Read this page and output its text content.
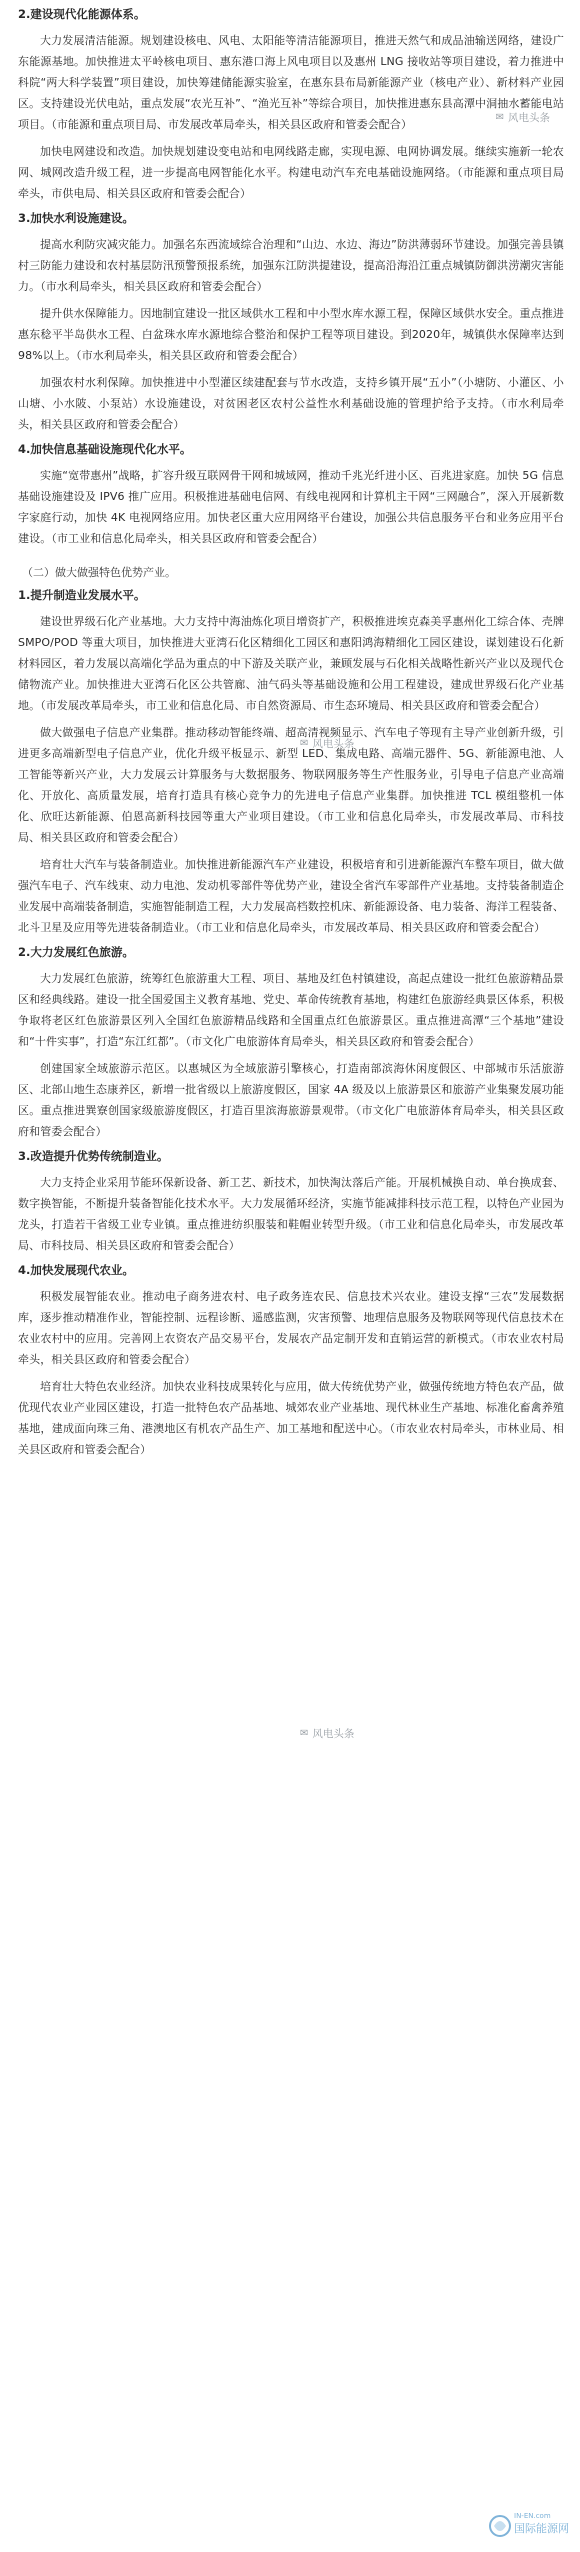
2.建设现代化能源体系。

大力发展清洁能源。规划建设核电、风电、太阳能等清洁能源项目，推进天然气和成品油输送网络，建设广东能源基地。加快推进太平岭核电项目、惠东港口海上风电项目以及惠州 LNG 接收站等项目建设，着力推进中科院“两大科学装置”项目建设，加快筹建储能源实验室，在惠东县布局新能源产业（核电产业）、新材料产业园区。支持建设光伏电站，重点发展“农光互补”、“渔光互补”等综合项目，加快推进惠东县高潭中洞抽水蓄能电站项目。（市能源和重点项目局、市发展改革局牵头，相关县区政府和管委会配合）

加快电网建设和改造。加快规划建设变电站和电网线路走廊，实现电源、电网协调发展。继续实施新一轮农网、城网改造升级工程，进一步提高电网智能化水平。构建电动汽车充电基础设施网络。（市能源和重点项目局牵头，市供电局、相关县区政府和管委会配合）

3.加快水利设施建设。

提高水利防灾减灾能力。加强名东西流域综合治理和“山边、水边、海边”防洪薄弱环节建设。加强完善县镇村三防能力建设和农村基层防汛预警预报系统，加强东江防洪提建设，提高沿海沿江重点城镇防御洪涝潮灾害能力。（市水利局牵头，相关县区政府和管委会配合）

提升供水保障能力。因地制宜建设一批区域供水工程和中小型水库水源工程，保障区域供水安全。重点推进惠东稔平半岛供水工程、白盆珠水库水源地综合整治和保护工程等项目建设。到2020年，城镇供水保障率达到 98%以上。（市水利局牵头，相关县区政府和管委会配合）

加强农村水利保障。加快推进中小型灌区续建配套与节水改造，支持乡镇开展“五小”（小塘防、小灌区、小山塘、小水陂、小泵站）水设施建设，对贫困老区农村公益性水利基础设施的管理护给予支持。（市水利局牵头，相关县区政府和管委会配合）

4.加快信息基础设施现代化水平。

实施“宽带惠州”战略，扩容升级互联网骨干网和城域网，推动千兆光纤进小区、百兆进家庭。加快 5G 信息基础设施建设及 IPV6 推广应用。积极推进基础电信网、有线电视网和计算机主干网“三网融合”，深入开展新数字家庭行动，加快 4K 电视网络应用。加快老区重大应用网络平台建设，加强公共信息服务平台和业务应用平台建设。（市工业和信息化局牵头，相关县区政府和管委会配合）

（二）做大做强特色优势产业。
1.提升制造业发展水平。

建设世界级石化产业基地。大力支持中海油炼化项目增资扩产，积极推进埃克森美孚惠州化工综合体、壳牌 SMPO/POD 等重大项目，加快推进大亚湾石化区精细化工园区和惠阳鸿海精细化工园区建设，谋划建设石化新材料园区，着力发展以高端化学品为重点的中下游及关联产业，兼顾发展与石化相关战略性新兴产业以及现代仓储物流产业。加快推进大亚湾石化区公共管廊、油气码头等基础设施和公用工程建设，建成世界级石化产业基地。（市发展改革局牵头，市工业和信息化局、市自然资源局、市生态环境局、相关县区政府和管委会配合）

做大做强电子信息产业集群。推动移动智能终端、超高清视频显示、汽车电子等现有主导产业创新升级，引进更多高端新型电子信息产业，优化升级平板显示、新型 LED、集成电路、高端元器件、5G、新能源电池、人工智能等新兴产业，大力发展云计算服务与大数据服务、物联网服务等生产性服务业，引导电子信息产业高端化、开放化、高质量发展，培育打造具有核心竞争力的先进电子信息产业集群。加快推进 TCL 模组整机一体化、欣旺达新能源、伯恩高新科技园等重大产业项目建设。（市工业和信息化局牵头，市发展改革局、市科技局、相关县区政府和管委会配合）

培育壮大汽车与装备制造业。加快推进新能源汽车产业建设，积极培育和引进新能源汽车整车项目，做大做强汽车电子、汽车线束、动力电池、发动机零部件等优势产业，建设全省汽车零部件产业基地。支持装备制造企业发展中高端装备制造，实施智能制造工程，大力发展高档数控机床、新能源设备、电力装备、海洋工程装备、北斗卫星及应用等先进装备制造业。（市工业和信息化局牵头，市发展改革局、相关县区政府和管委会配合）

2.大力发展红色旅游。

大力发展红色旅游，统筹红色旅游重大工程、项目、基地及红色村镇建设，高起点建设一批红色旅游精品景区和经典线路。建设一批全国爱国主义教育基地、党史、革命传统教育基地，构建红色旅游经典景区体系，积极争取将老区红色旅游景区列入全国红色旅游精品线路和全国重点红色旅游景区。重点推进高潭“三个基地”建设和“十件实事”，打造“东江红都”。（市文化广电旅游体育局牵头，相关县区政府和管委会配合）

创建国家全域旅游示范区。以惠城区为全域旅游引擎核心，打造南部滨海休闲度假区、中部城市乐活旅游区、北部山地生态康养区，新增一批省级以上旅游度假区，国家 4A 级及以上旅游景区和旅游产业集聚发展功能区。重点推进巽寮创国家级旅游度假区，打造百里滨海旅游景观带。（市文化广电旅游体育局牵头，相关县区政府和管委会配合）

3.改造提升优势传统制造业。

大力支持企业采用节能环保新设备、新工艺、新技术，加快淘汰落后产能。开展机械换自动、单台换成套、数字换智能，不断提升装备智能化技术水平。大力发展循环经济，实施节能减排科技示范工程，以特色产业园为龙头，打造若干省级工业专业镇。重点推进纺织服装和鞋帽业转型升级。（市工业和信息化局牵头，市发展改革局、市科技局、相关县区政府和管委会配合）

4.加快发展现代农业。

积极发展智能农业。推动电子商务进农村、电子政务连农民、信息技术兴农业。建设支撑“三农”发展数据库，逐步推动精准作业，智能控制、远程诊断、遥感监测，灾害预警、地理信息服务及物联网等现代信息技术在农业农村中的应用。完善网上农资农产品交易平台，发展农产品定制开发和直销运营的新模式。（市农业农村局牵头，相关县区政府和管委会配合）

培育壮大特色农业经济。加快农业科技成果转化与应用，做大传统优势产业，做强传统地方特色农产品，做优现代农业产业园区建设，打造一批特色农产品基地、城郊农业产业基地、现代林业生产基地、标准化畜禽养殖基地，建成面向珠三角、港澳地区有机农产品生产、加工基地和配送中心。（市农业农村局牵头，市林业局、相关县区政府和管委会配合）

✉ 风电头条
✉ 风电头条
✉ 风电头条
IN-EN.com
国际能源网
